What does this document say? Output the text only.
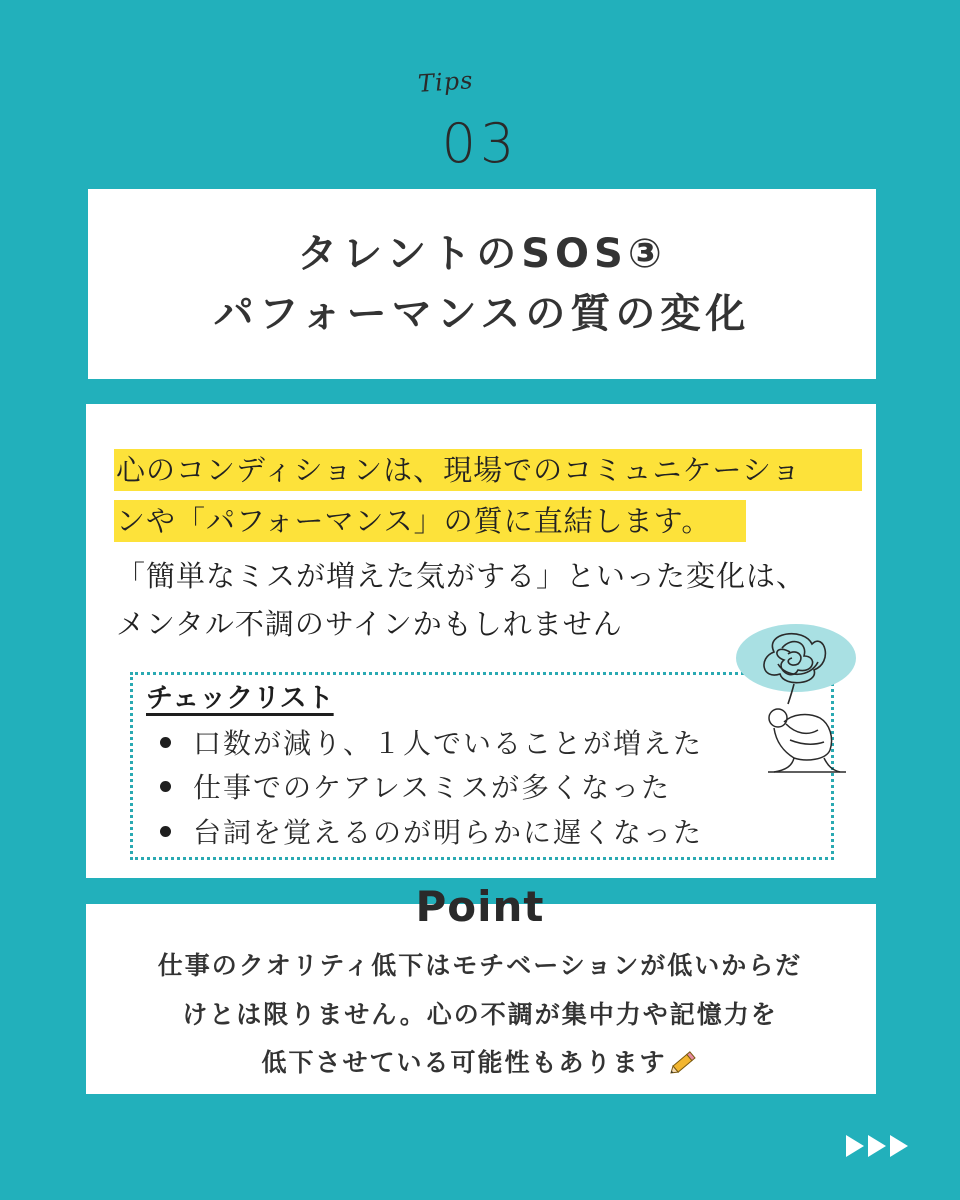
Tips
03
タレントのSOS③
パフォーマンスの質の変化
心のコンディションは、現場でのコミュニケーショ
ンや「パフォーマンス」の質に直結します。
「簡単なミスが増えた気がする」といった変化は、
メンタル不調のサインかもしれません
チェックリスト
口数が減り、１人でいることが増えた
仕事でのケアレスミスが多くなった
台詞を覚えるのが明らかに遅くなった
Point
仕事のクオリティ低下はモチベーションが低いからだ
けとは限りません。心の不調が集中力や記憶力を
低下させている可能性もあります
